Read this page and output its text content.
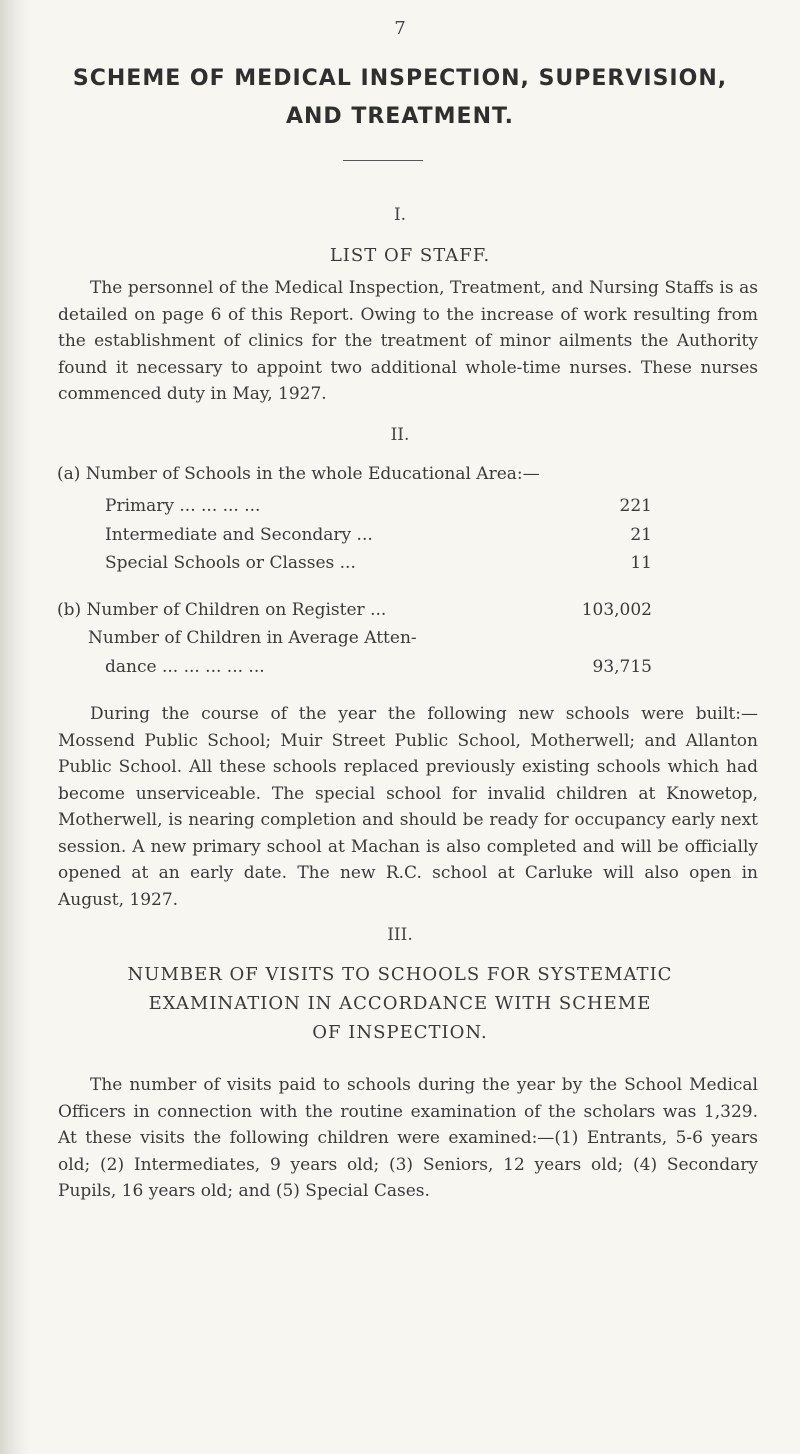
7
SCHEME OF MEDICAL INSPECTION, SUPERVISION,
AND TREATMENT.
I.
LIST OF STAFF.
The personnel of the Medical Inspection, Treatment, and Nursing Staffs is as detailed on page 6 of this Report. Owing to the increase of work resulting from the establishment of clinics for the treatment of minor ailments the Authority found it necessary to appoint two additional whole-time nurses. These nurses commenced duty in May, 1927.
II.
(a) Number of Schools in the whole Educational Area:—
Primary ... ... ... ...	221
Intermediate and Secondary ...	21
Special Schools or Classes ...	11
(b) Number of Children on Register ...	103,002
Number of Children in Average Atten-
dance ... ... ... ... ...	93,715
During the course of the year the following new schools were built:—Mossend Public School; Muir Street Public School, Motherwell; and Allanton Public School. All these schools replaced previously existing schools which had become unserviceable. The special school for invalid children at Knowetop, Motherwell, is nearing completion and should be ready for occupancy early next session. A new primary school at Machan is also completed and will be officially opened at an early date. The new R.C. school at Carluke will also open in August, 1927.
III.
NUMBER OF VISITS TO SCHOOLS FOR SYSTEMATIC
EXAMINATION IN ACCORDANCE WITH SCHEME
OF INSPECTION.
The number of visits paid to schools during the year by the School Medical Officers in connection with the routine examination of the scholars was 1,329. At these visits the following children were examined:—(1) Entrants, 5-6 years old; (2) Intermediates, 9 years old; (3) Seniors, 12 years old; (4) Secondary Pupils, 16 years old; and (5) Special Cases.
